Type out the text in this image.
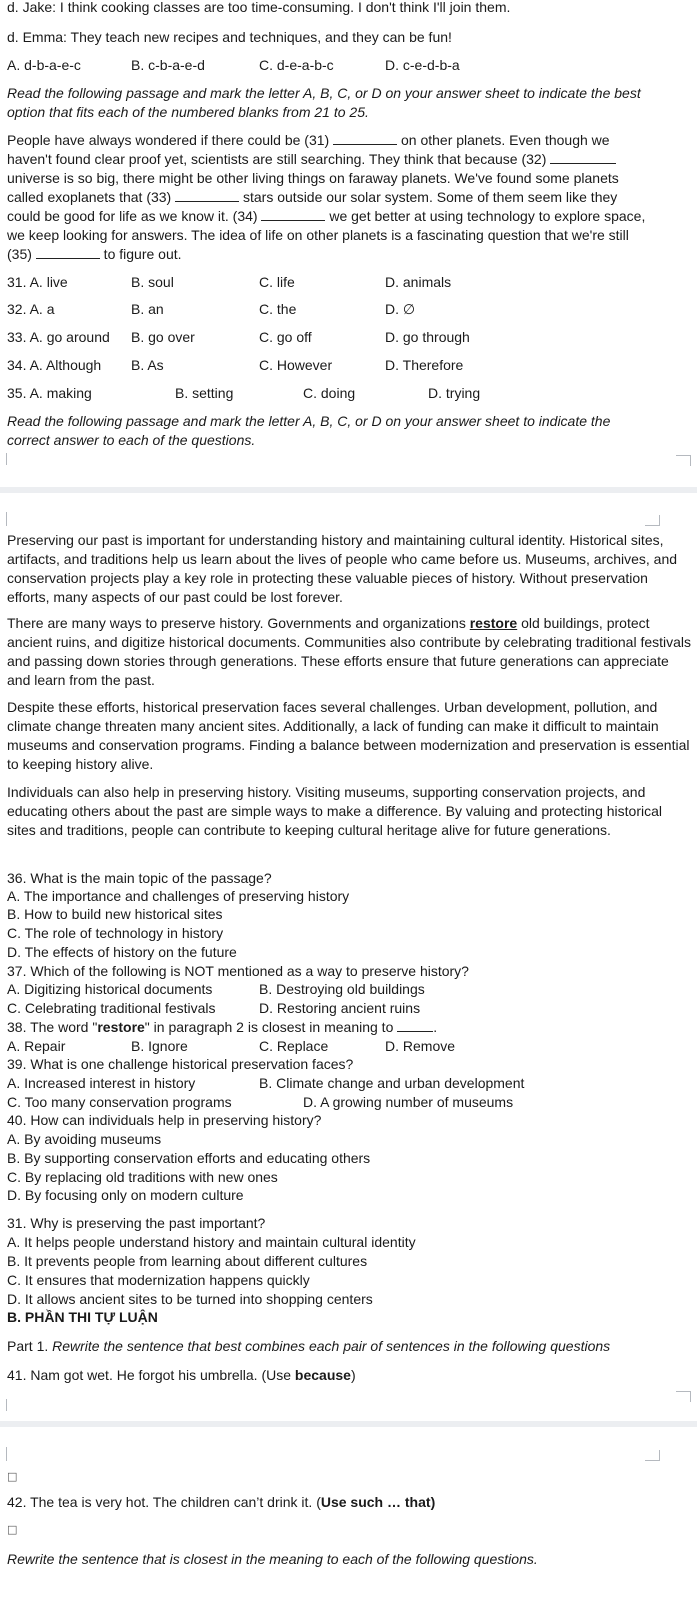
d. Jake: I think cooking classes are too time-consuming. I don't think I'll join them.
d. Emma: They teach new recipes and techniques, and they can be fun!
A. d-b-a-e-c	B. c-b-a-e-d	C. d-e-a-b-c	D. c-e-d-b-a
Read the following passage and mark the letter A, B, C, or D on your answer sheet to indicate the best option that fits each of the numbered blanks from 21 to 25.
People have always wondered if there could be (31)	on other planets. Even though we
haven't found clear proof yet, scientists are still searching. They think that because (32)
universe is so big, there might be other living things on faraway planets. We've found some planets
called exoplanets that (33)	stars outside our solar system. Some of them seem like they
could be good for life as we know it. (34)	we get better at using technology to explore space,
we keep looking for answers. The idea of life on other planets is a fascinating question that we're still
(35)	to figure out.
31. A. live	B. soul	C. life	D. animals
32. A. a	B. an	C. the	D. ∅
33. A. go around B. go over	C. go off	D. go through
34. A. Although B. As	C. However	D. Therefore
35. A. making	B. setting	C. doing	D. trying
Read the following passage and mark the letter A, B, C, or D on your answer sheet to indicate the correct answer to each of the questions.

Preserving our past is important for understanding history and maintaining cultural identity. Historical sites, artifacts, and traditions help us learn about the lives of people who came before us. Museums, archives, and conservation projects play a key role in protecting these valuable pieces of history. Without preservation efforts, many aspects of our past could be lost forever.

There are many ways to preserve history. Governments and organizations restore old buildings, protect ancient ruins, and digitize historical documents. Communities also contribute by celebrating traditional festivals and passing down stories through generations. These efforts ensure that future generations can appreciate and learn from the past.

Despite these efforts, historical preservation faces several challenges. Urban development, pollution, and climate change threaten many ancient sites. Additionally, a lack of funding can make it difficult to maintain museums and conservation programs. Finding a balance between modernization and preservation is essential to keeping history alive.

Individuals can also help in preserving history. Visiting museums, supporting conservation projects, and educating others about the past are simple ways to make a difference. By valuing and protecting historical sites and traditions, people can contribute to keeping cultural heritage alive for future generations.

36. What is the main topic of the passage?
A. The importance and challenges of preserving history
B. How to build new historical sites
C. The role of technology in history
D. The effects of history on the future
37. Which of the following is NOT mentioned as a way to preserve history?
A. Digitizing historical documents	B. Destroying old buildings
C. Celebrating traditional festivals	D. Restoring ancient ruins
38. The word "restore" in paragraph 2 is closest in meaning to	.
A. Repair	B. Ignore	C. Replace	D. Remove
39. What is one challenge historical preservation faces?
A. Increased interest in history	B. Climate change and urban development
C. Too many conservation programs	D. A growing number of museums
40. How can individuals help in preserving history?
A. By avoiding museums
B. By supporting conservation efforts and educating others
C. By replacing old traditions with new ones
D. By focusing only on modern culture
31. Why is preserving the past important?
A. It helps people understand history and maintain cultural identity
B. It prevents people from learning about different cultures
C. It ensures that modernization happens quickly
D. It allows ancient sites to be turned into shopping centers
B. PHẦN THI TỰ LUẬN
Part 1. Rewrite the sentence that best combines each pair of sentences in the following questions
41. Nam got wet. He forgot his umbrella. (Use because)
□
42. The tea is very hot. The children can’t drink it. (Use such … that)
□
Rewrite the sentence that is closest in the meaning to each of the following questions.
